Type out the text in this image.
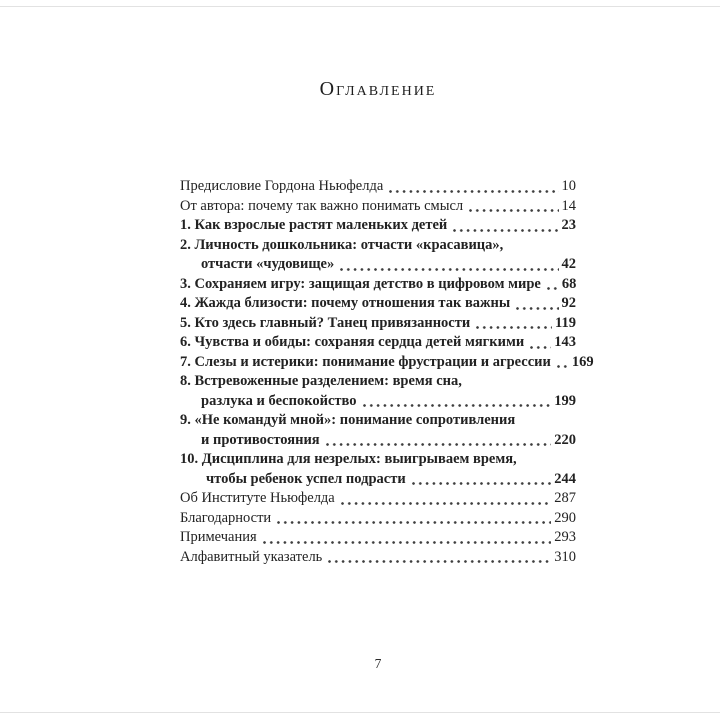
Оглавление
Предисловие Гордона Ньюфелда	10
От автора: почему так важно понимать смысл	14
1. Как взрослые растят маленьких детей	23
2. Личность дошкольника: отчасти «красавица»,
отчасти «чудовище»	42
3. Сохраняем игру: защищая детство в цифровом мире 68
4. Жажда близости: почему отношения так важны	92
5. Кто здесь главный? Танец привязанности	119
6. Чувства и обиды: сохраняя сердца детей мягкими 143
7. Слезы и истерики: понимание фрустрации и агрессии 169
8. Встревоженные разделением: время сна,
разлука и беспокойство	199
9. «Не командуй мной»: понимание сопротивления
и противостояния	220
10. Дисциплина для незрелых: выигрываем время,
чтобы ребенок успел подрасти	244
Об Институте Ньюфелда	287
Благодарности	290
Примечания	293
Алфавитный указатель	310
7
